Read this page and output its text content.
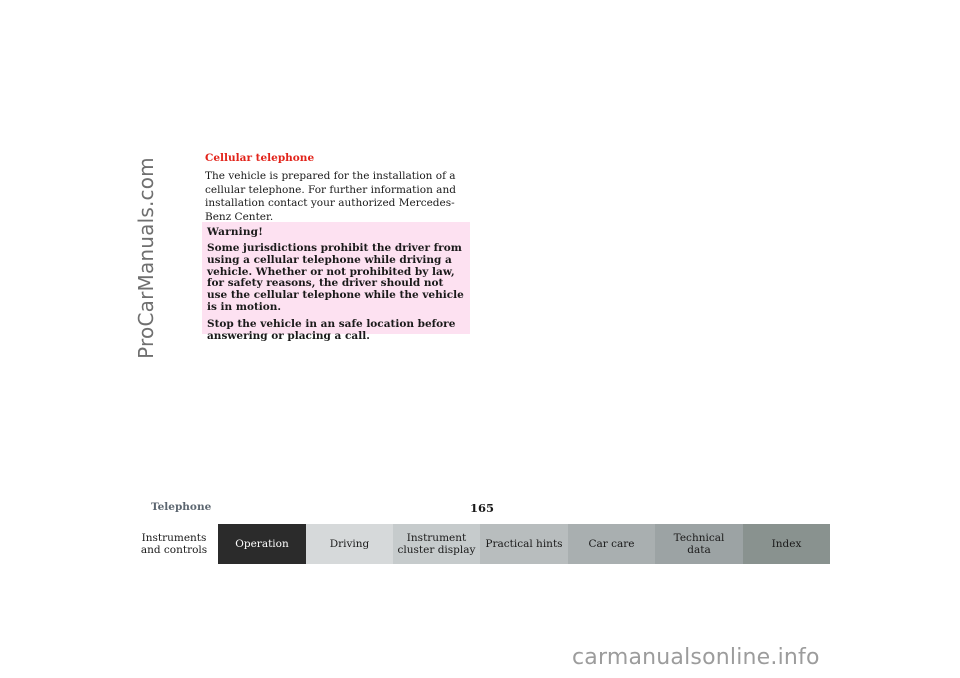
ProCarManuals.com	Cellular telephone

The vehicle is prepared for the installation of a cellular telephone. For further information and installation contact your authorized Mercedes-Benz Center.

Warning!

Some jurisdictions prohibit the driver from using a cellular telephone while driving a vehicle. Whether or not prohibited by law, for safety reasons, the driver should not use the cellular telephone while the vehicle is in motion.

Stop the vehicle in an safe location before answering or placing a call.

Telephone	165
Instruments
and controls
Operation	Driving
Instrument
cluster display
Practical hints	Car care
Technical
data
Index
carmanualsonline.info
